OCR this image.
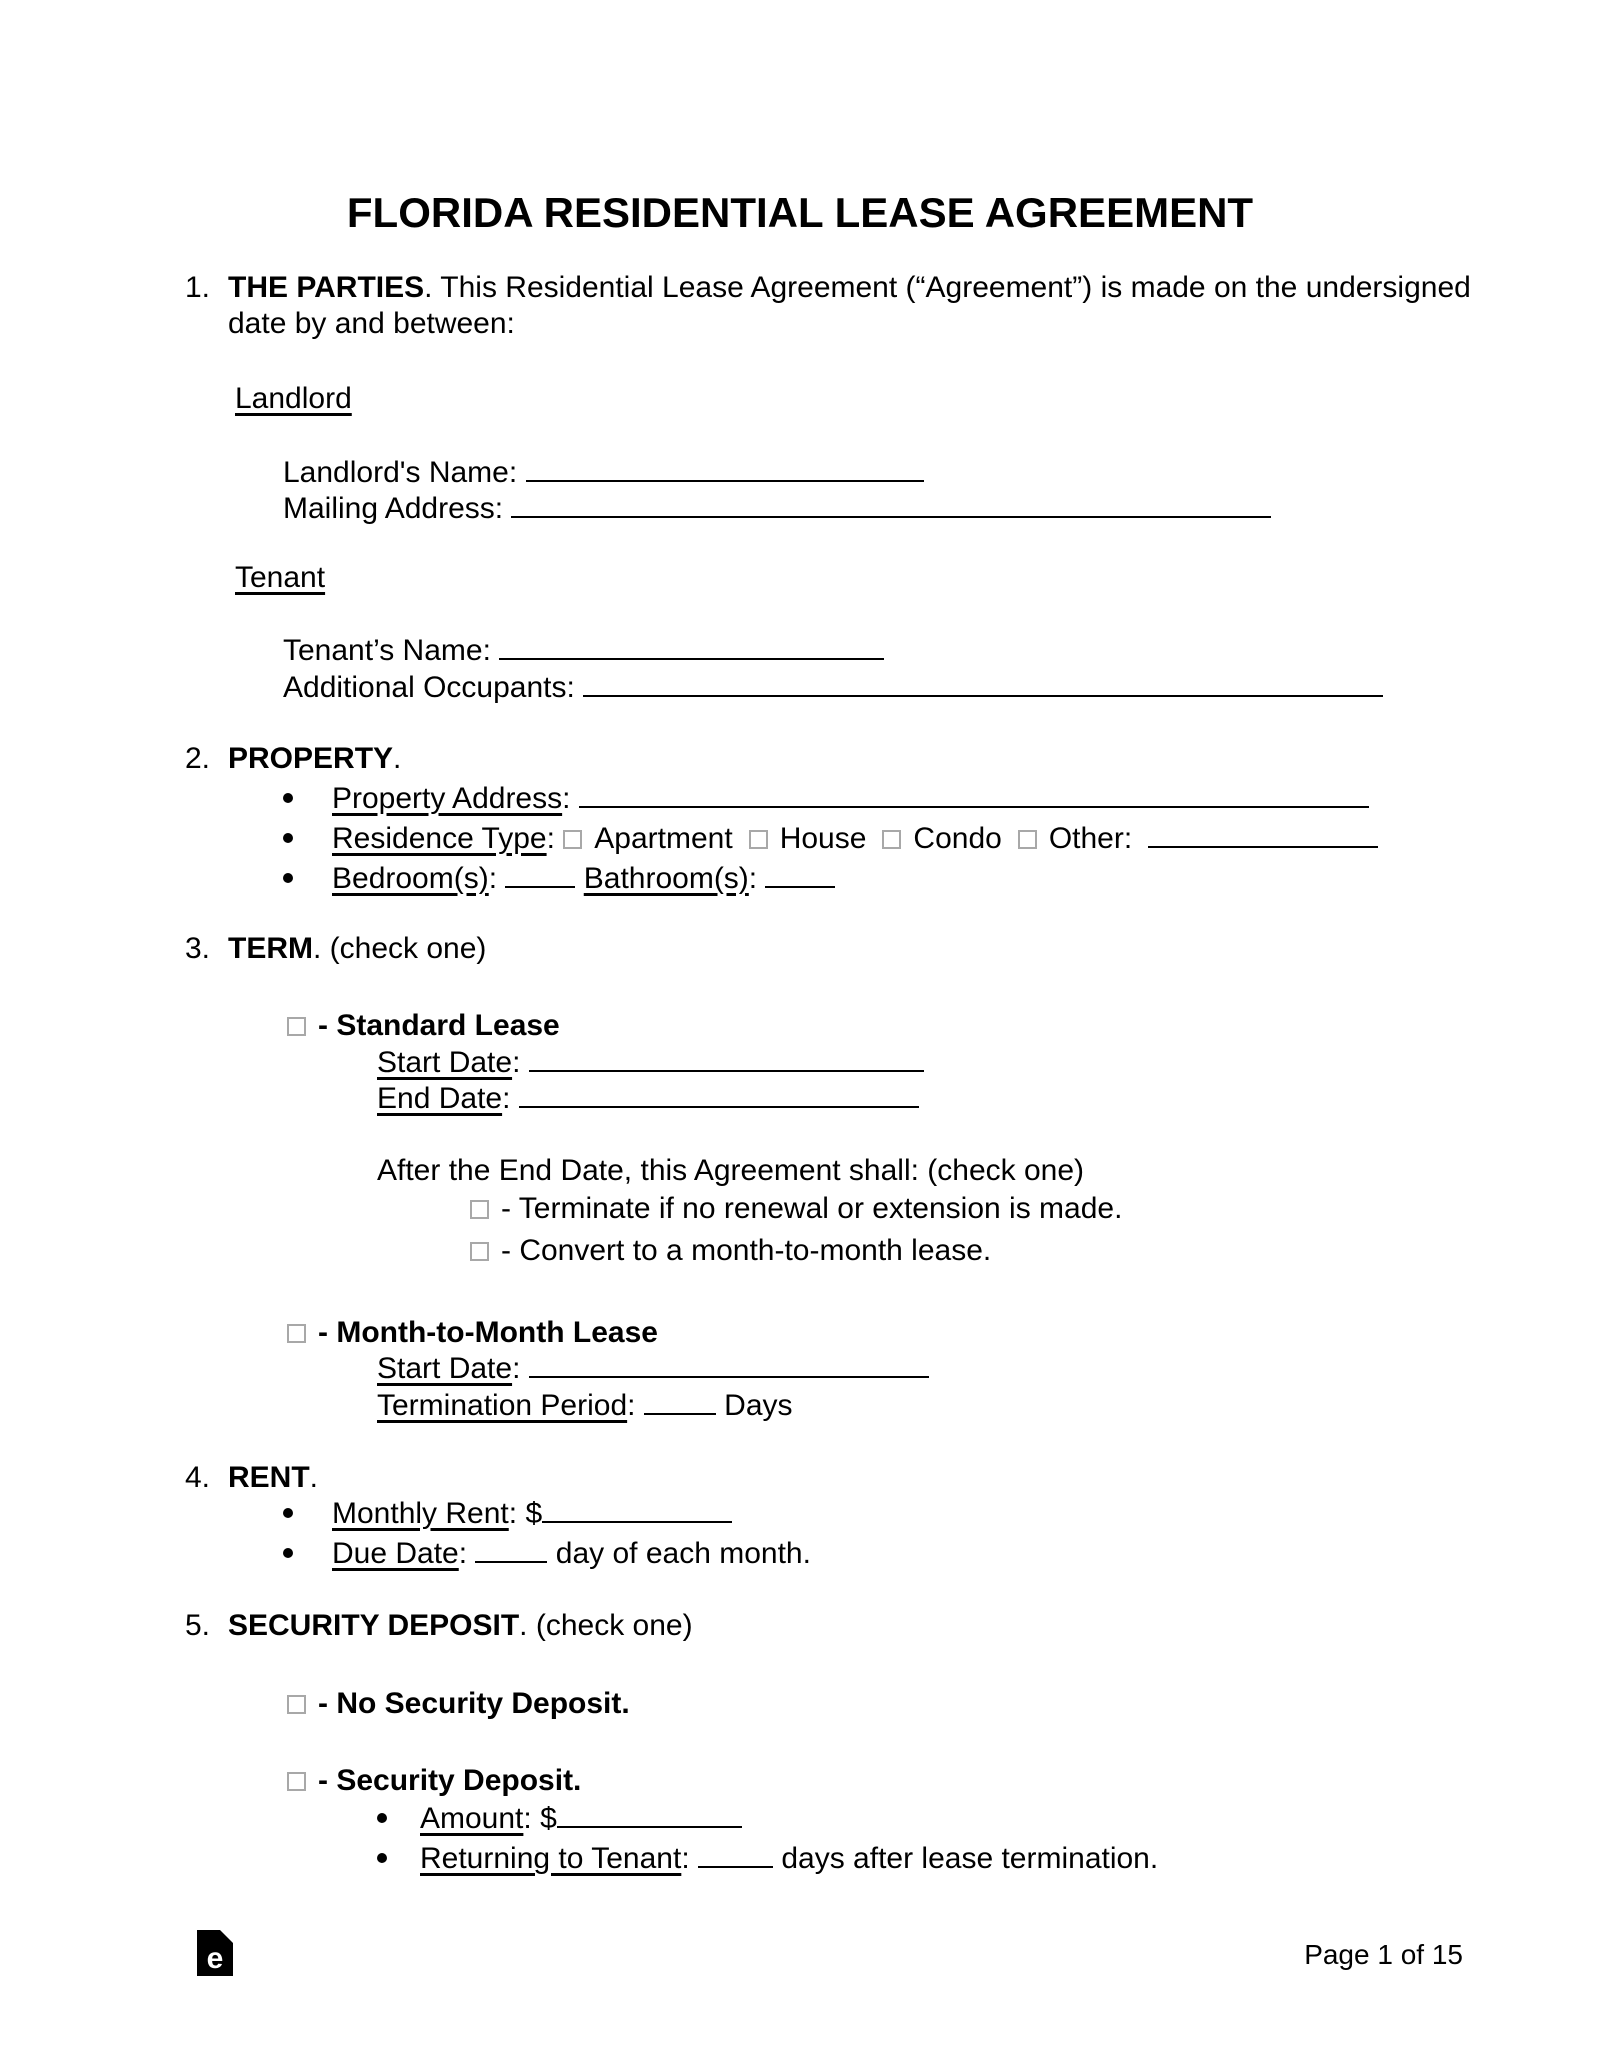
FLORIDA RESIDENTIAL LEASE AGREEMENT
1. THE PARTIES. This Residential Lease Agreement (“Agreement”) is made on the undersigned date by and between:
Landlord
Landlord's Name:
Mailing Address:
Tenant
Tenant’s Name:
Additional Occupants:
2. PROPERTY.
Property Address:
Residence Type: Apartment House Condo Other:
Bedroom(s):	Bathroom(s):
3. TERM. (check one)
- Standard Lease
Start Date:
End Date:
After the End Date, this Agreement shall: (check one)
- Terminate if no renewal or extension is made.
- Convert to a month-to-month lease.
- Month-to-Month Lease
Start Date:
Termination Period:	Days
4. RENT.
Monthly Rent: $
Due Date:	day of each month.
5. SECURITY DEPOSIT. (check one)
- No Security Deposit.
- Security Deposit.
Amount: $
Returning to Tenant:	days after lease termination.
e	Page 1 of 15
